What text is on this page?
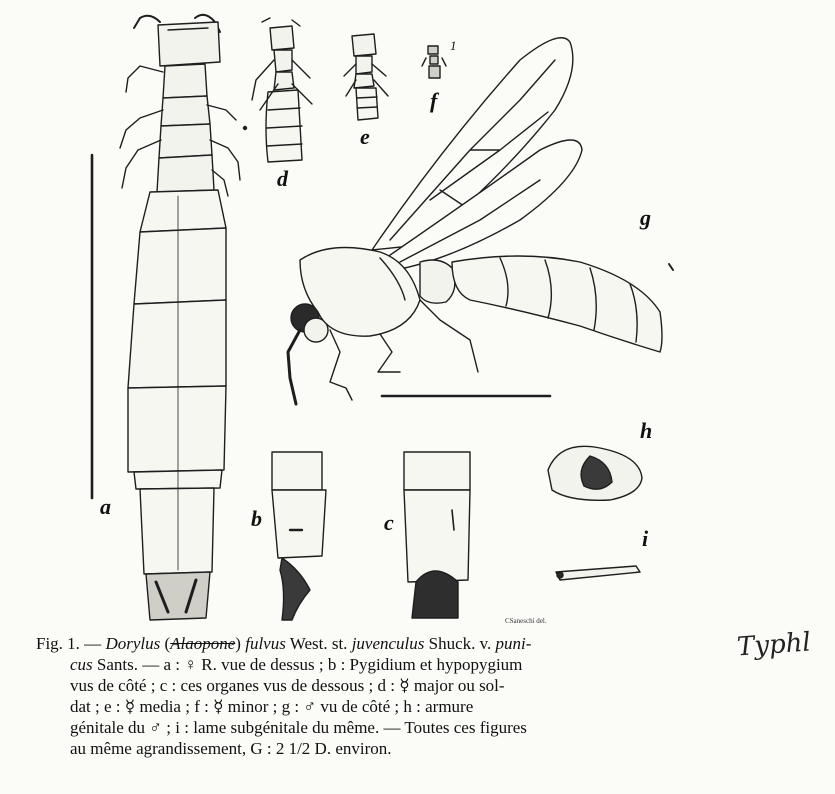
a	b	c
d
e
f
1
g
h
i
CSaneschi del.
Fig. 1. — Dorylus (Alaopone) fulvus West. st. juvenculus Shuck. v. puni-
cus Sants. — a : ♀ R. vue de dessus ; b : Pygidium et hypopygium
vus de côté ; c : ces organes vus de dessous ; d : ☿ major ou sol-
dat ; e : ☿ media ; f : ☿ minor ; g : ♂ vu de côté ; h : armure
génitale du ♂ ; i : lame subgénitale du même. — Toutes ces figures
au même agrandissement, G : 2 1/2 D. environ.
Typhl
